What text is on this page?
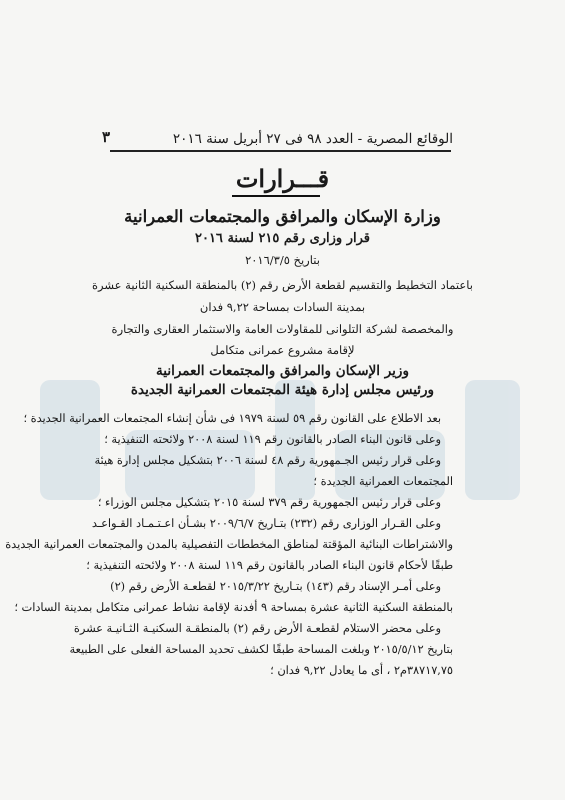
الوقائع المصرية - العدد ٩٨ فى ٢٧ أبريل سنة ٢٠١٦
٣
قـــرارات
وزارة الإسكان والمرافق والمجتمعات العمرانية
قرار وزارى رقم ٢١٥ لسنة ٢٠١٦
بتاريخ ٢٠١٦/٣/٥
باعتماد التخطيط والتقسيم لقطعة الأرض رقم (٢) بالمنطقة السكنية الثانية عشرة
بمدينة السادات بمساحة ٩,٢٢ فدان
والمخصصة لشركة التلوانى للمقاولات العامة والاستثمار العقارى والتجارة
لإقامة مشروع عمرانى متكامل
وزير الإسكان والمرافق والمجتمعات العمرانية
ورئيس مجلس إدارة هيئة المجتمعات العمرانية الجديدة
بعد الاطلاع على القانون رقم ٥٩ لسنة ١٩٧٩ فى شأن إنشاء المجتمعات العمرانية الجديدة ؛
وعلى قانون البناء الصادر بالقانون رقم ١١٩ لسنة ٢٠٠٨ ولائحته التنفيذية ؛
وعلى قرار رئيس الجـمهورية رقم ٤٨ لسنة ٢٠٠٦ بتشكيل مجلس إدارة هيئة
المجتمعات العمرانية الجديدة ؛
وعلى قرار رئيس الجمهورية رقم ٣٧٩ لسنة ٢٠١٥ بتشكيل مجلس الوزراء ؛
وعلى القـرار الوزارى رقم (٢٣٢) بتـاريخ ٢٠٠٩/٦/٧ بشـأن اعـتـمـاد القـواعـد
والاشتراطات البنائية المؤقتة لمناطق المخططات التفصيلية بالمدن والمجتمعات العمرانية الجديدة
طبقًا لأحكام قانون البناء الصادر بالقانون رقم ١١٩ لسنة ٢٠٠٨ ولائحته التنفيذية ؛
وعلى أمـر الإسناد رقم (١٤٣) بتـاريخ ٢٠١٥/٣/٢٢ لقطعـة الأرض رقم (٢)
بالمنطقة السكنية الثانية عشرة بمساحة ٩ أفدنة لإقامة نشاط عمرانى متكامل بمدينة السادات ؛
وعلى محضر الاستلام لقطعـة الأرض رقم (٢) بالمنطقـة السكنيـة الثـانيـة عشرة
بتاريخ ٢٠١٥/٥/١٢ وبلغت المساحة طبقًا لكشف تحديد المساحة الفعلى على الطبيعة
٣٨٧١٧,٧٥م٢ ، أى ما يعادل ٩,٢٢ فدان ؛
